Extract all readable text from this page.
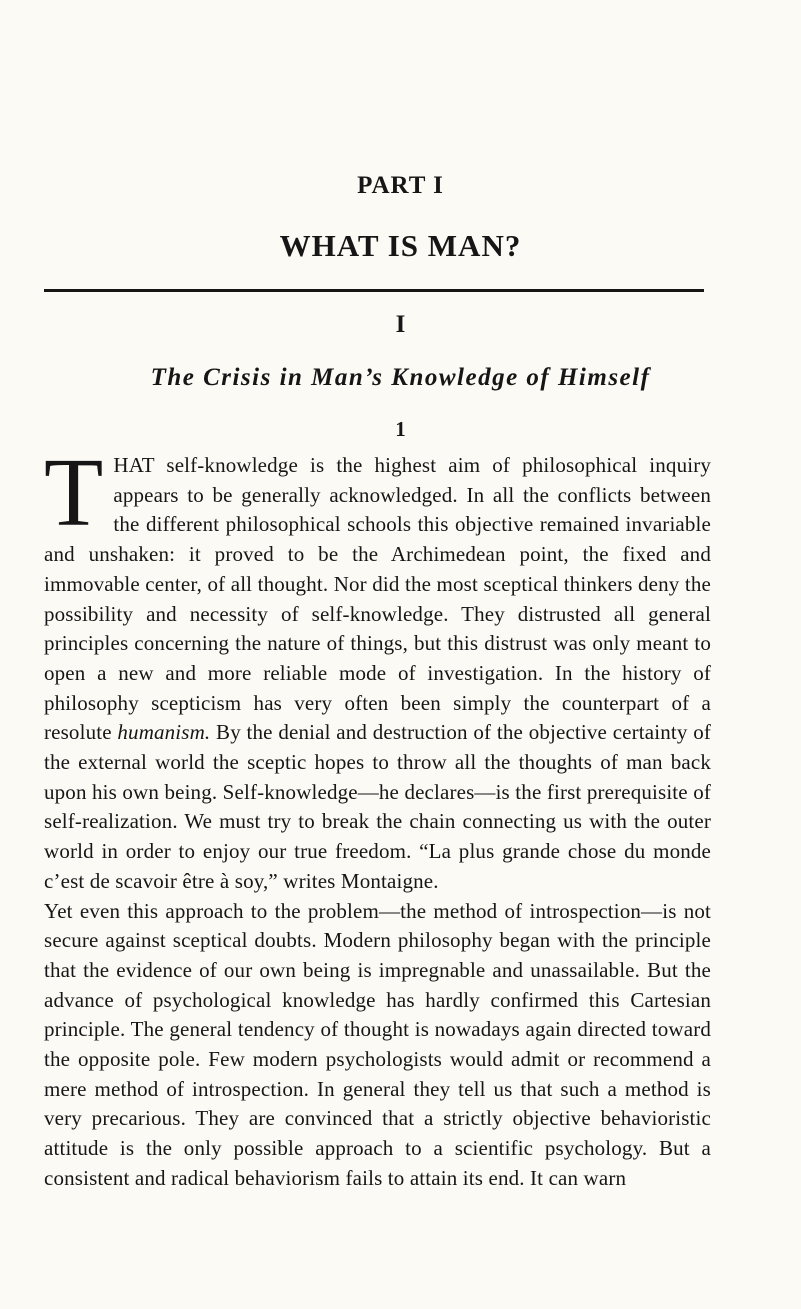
PART I
WHAT IS MAN?
I
The Crisis in Man’s Knowledge of Himself
1

THAT self-knowledge is the highest aim of philosophical inquiry appears to be generally acknowledged. In all the conflicts between the different philosophical schools this objective remained invariable and unshaken: it proved to be the Archimedean point, the fixed and immovable center, of all thought. Nor did the most sceptical thinkers deny the possibility and necessity of self-knowledge. They distrusted all general principles concerning the nature of things, but this distrust was only meant to open a new and more reliable mode of investigation. In the history of philosophy scepticism has very often been simply the counterpart of a resolute humanism. By the denial and destruction of the objective certainty of the external world the sceptic hopes to throw all the thoughts of man back upon his own being. Self-knowledge—he declares—is the first prerequisite of self-realization. We must try to break the chain connecting us with the outer world in order to enjoy our true freedom. “La plus grande chose du monde c’est de scavoir être à soy,” writes Montaigne.

Yet even this approach to the problem—the method of introspection—is not secure against sceptical doubts. Modern philosophy began with the principle that the evidence of our own being is impregnable and unassailable. But the advance of psychological knowledge has hardly confirmed this Cartesian principle. The general tendency of thought is nowadays again directed toward the opposite pole. Few modern psychologists would admit or recommend a mere method of introspection. In general they tell us that such a method is very precarious. They are convinced that a strictly objective behavioristic attitude is the only possible approach to a scientific psychology. But a consistent and radical behaviorism fails to attain its end. It can warn
